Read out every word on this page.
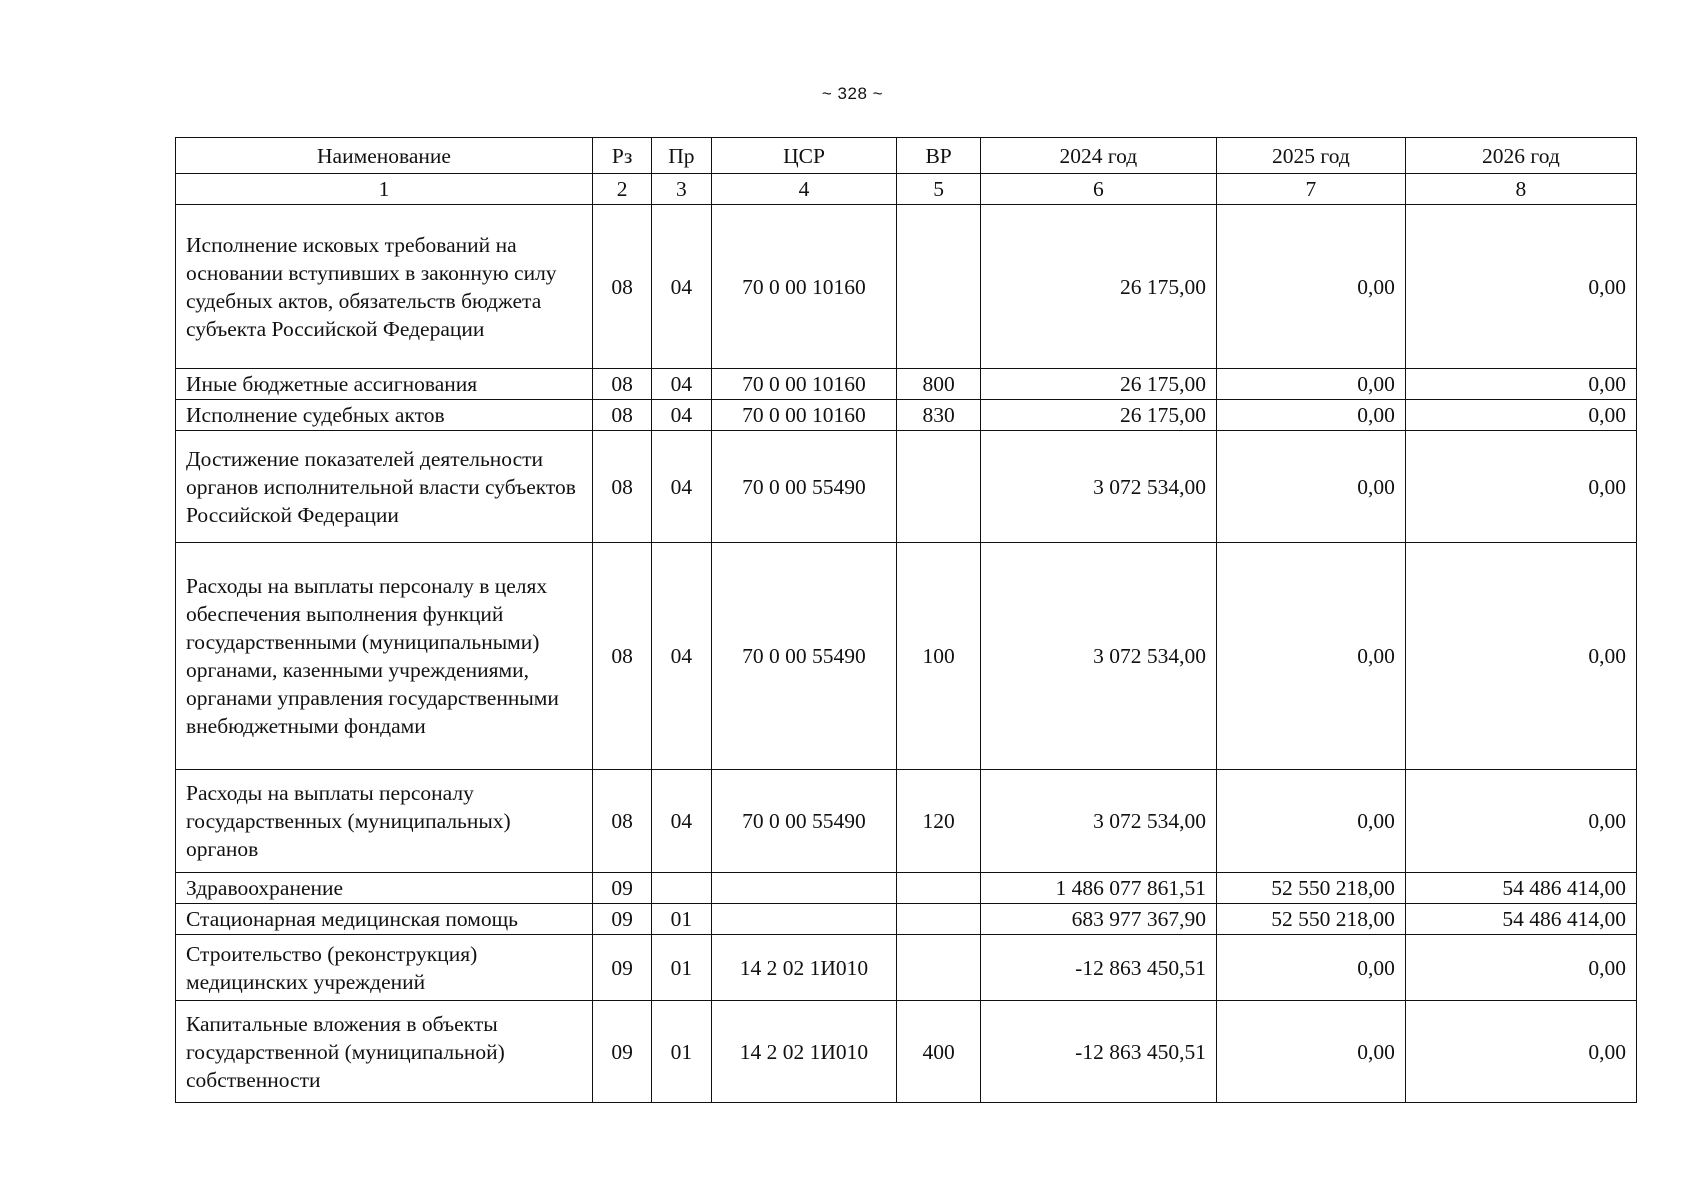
~ 328 ~
Наименование	Рз	Пр	ЦСР	ВР	2024 год	2025 год	2026 год
1	2	3	4	5	6	7	8
Исполнение исковых требований на основании вступивших в законную силу судебных актов, обязательств бюджета субъекта Российской Федерации	08	04	70 0 00 10160		26 175,00	0,00	0,00
Иные бюджетные ассигнования	08	04	70 0 00 10160	800	26 175,00	0,00	0,00
Исполнение судебных актов	08	04	70 0 00 10160	830	26 175,00	0,00	0,00
Достижение показателей деятельности органов исполнительной власти субъектов Российской Федерации	08	04	70 0 00 55490		3 072 534,00	0,00	0,00
Расходы на выплаты персоналу в целях обеспечения выполнения функций государственными (муниципальными) органами, казенными учреждениями, органами управления государственными внебюджетными фондами	08	04	70 0 00 55490	100	3 072 534,00	0,00	0,00
Расходы на выплаты персоналу государственных (муниципальных) органов	08	04	70 0 00 55490	120	3 072 534,00	0,00	0,00
Здравоохранение	09				1 486 077 861,51	52 550 218,00	54 486 414,00
Стационарная медицинская помощь	09	01			683 977 367,90	52 550 218,00	54 486 414,00
Строительство (реконструкция) медицинских учреждений	09	01	14 2 02 1И010		-12 863 450,51	0,00	0,00
Капитальные вложения в объекты государственной (муниципальной) собственности	09	01	14 2 02 1И010	400	-12 863 450,51	0,00	0,00
